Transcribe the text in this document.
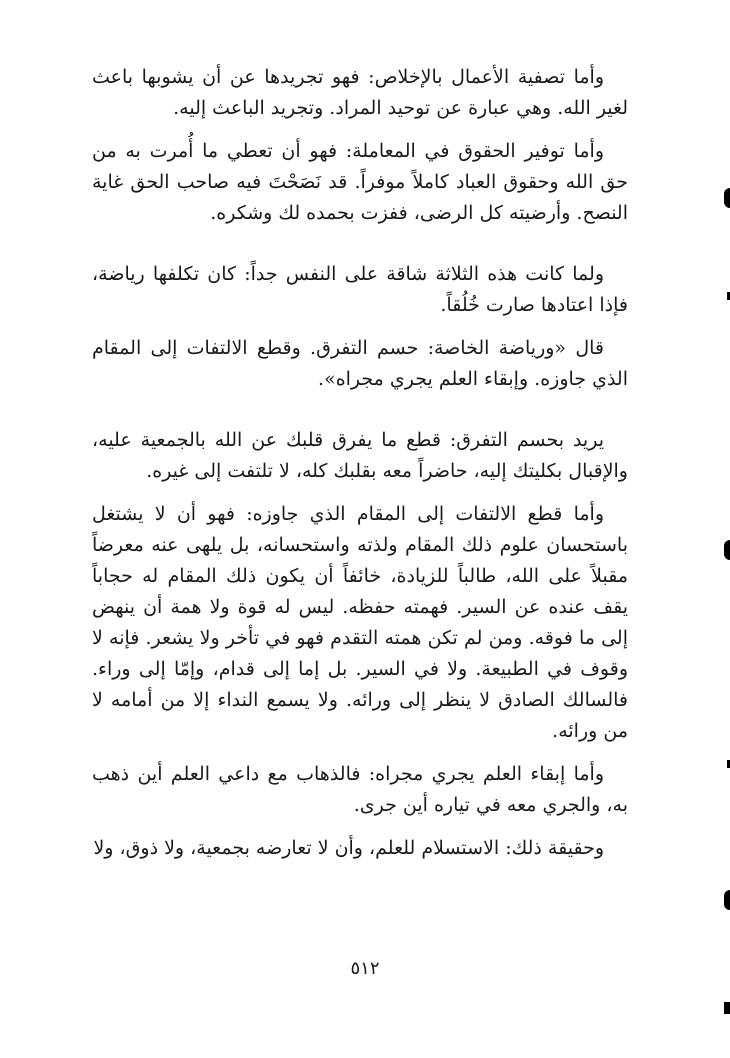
وأما تصفية الأعمال بالإخلاص: فهو تجريدها عن أن يشوبها باعث لغير الله. وهي عبارة عن توحيد المراد. وتجريد الباعث إليه.

وأما توفير الحقوق في المعاملة: فهو أن تعطي ما أُمرت به من حق الله وحقوق العباد كاملاً موفراً. قد نَصَحْتَ فيه صاحب الحق غاية النصح. وأرضيته كل الرضى، ففزت بحمده لك وشكره.

ولما كانت هذه الثلاثة شاقة على النفس جداً: كان تكلفها رياضة، فإذا اعتادها صارت خُلُقاً.

قال «ورياضة الخاصة: حسم التفرق. وقطع الالتفات إلى المقام الذي جاوزه. وإبقاء العلم يجري مجراه».

يريد بحسم التفرق: قطع ما يفرق قلبك عن الله بالجمعية عليه، والإقبال بكليتك إليه، حاضراً معه بقلبك كله، لا تلتفت إلى غيره.

وأما قطع الالتفات إلى المقام الذي جاوزه: فهو أن لا يشتغل باستحسان علوم ذلك المقام ولذته واستحسانه، بل يلهى عنه معرضاً مقبلاً على الله، طالباً للزيادة، خائفاً أن يكون ذلك المقام له حجاباً يقف عنده عن السير. فهمته حفظه. ليس له قوة ولا همة أن ينهض إلى ما فوقه. ومن لم تكن همته التقدم فهو في تأخر ولا يشعر. فإنه لا وقوف في الطبيعة. ولا في السير. بل إما إلى قدام، وإمّا إلى وراء. فالسالك الصادق لا ينظر إلى ورائه. ولا يسمع النداء إلا من أمامه لا من ورائه.

وأما إبقاء العلم يجري مجراه: فالذهاب مع داعي العلم أين ذهب به، والجري معه في تياره أين جرى.

وحقيقة ذلك: الاستسلام للعلم، وأن لا تعارضه بجمعية، ولا ذوق، ولا

٥١٢
